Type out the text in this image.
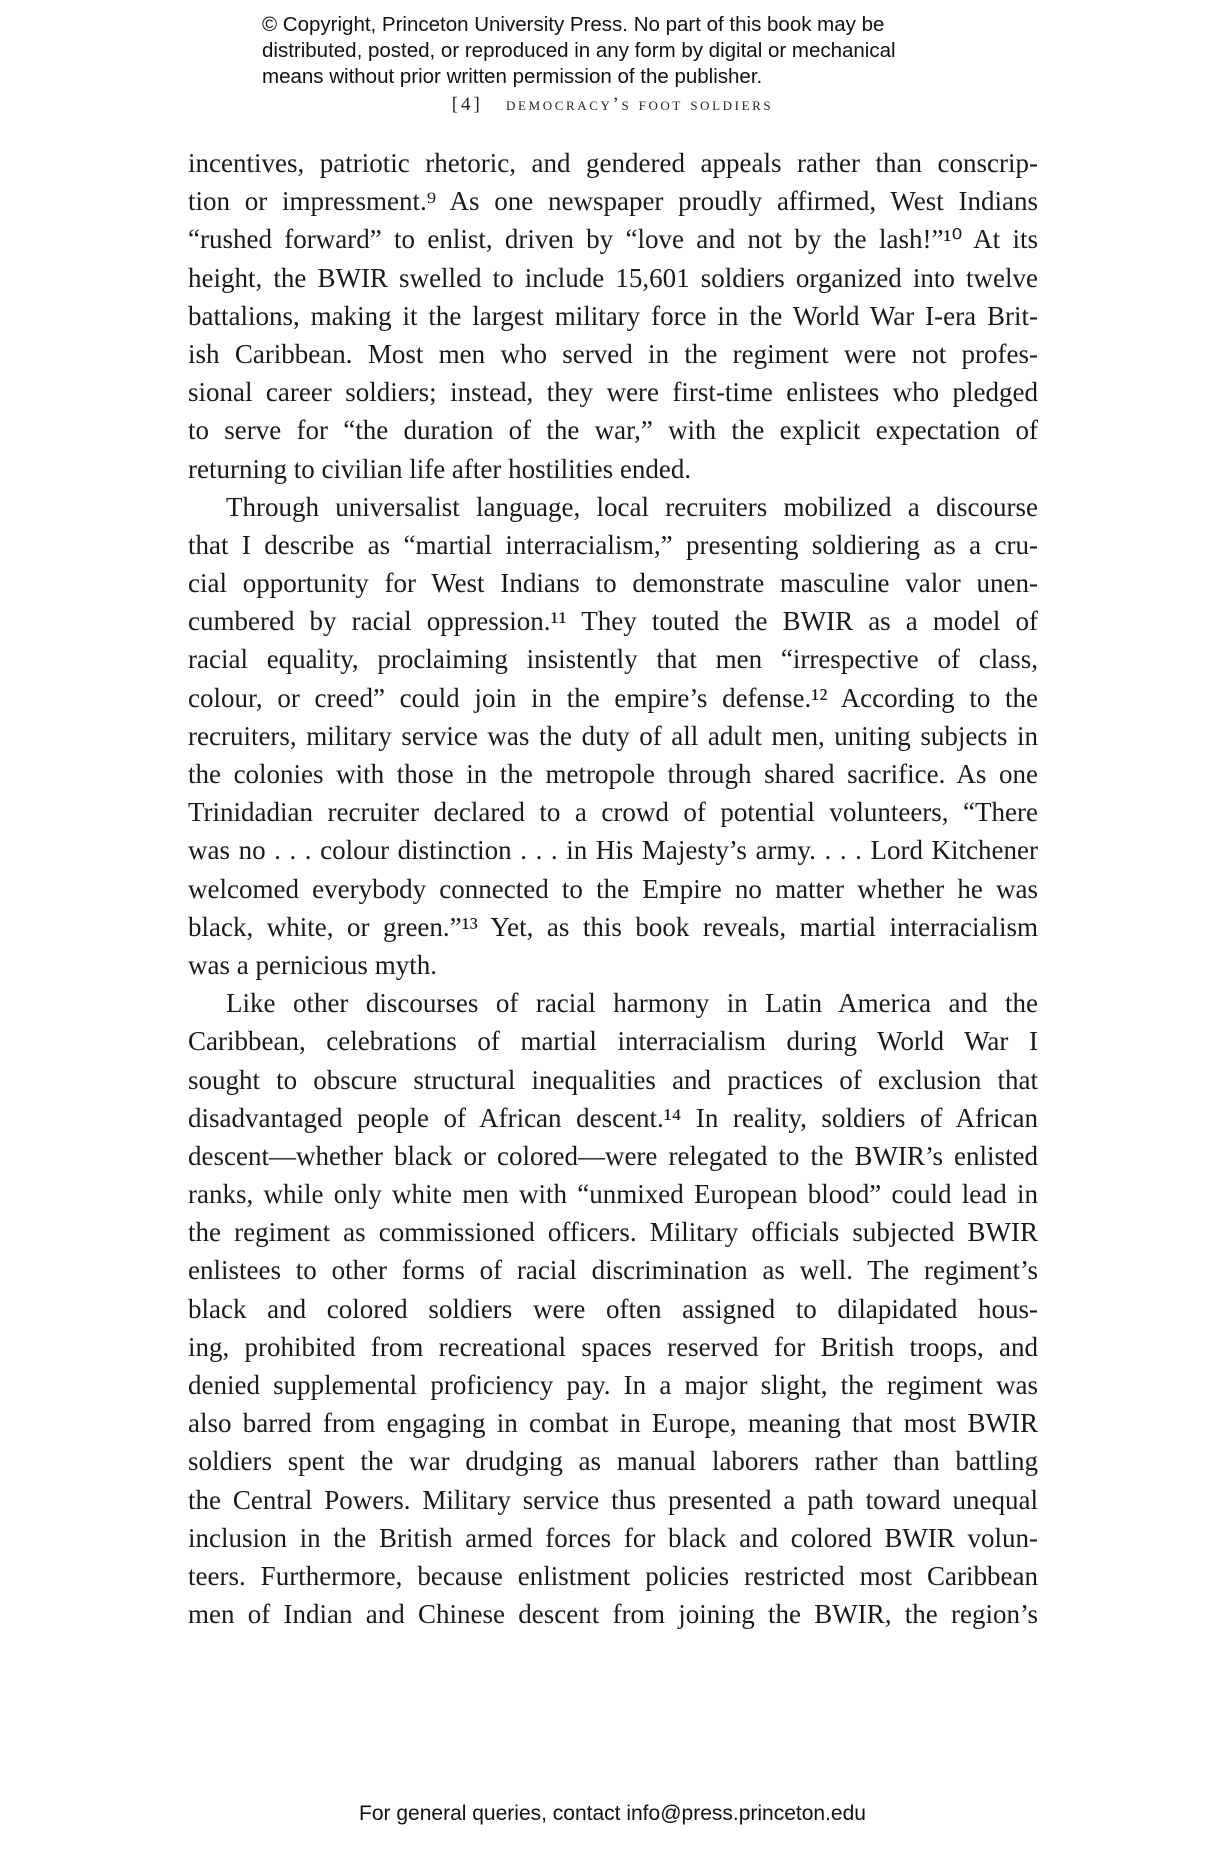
© Copyright, Princeton University Press. No part of this book may be
distributed, posted, or reproduced in any form by digital or mechanical
means without prior written permission of the publisher.
[4] democracy’s foot soldiers
incentives, patriotic rhetoric, and gendered appeals rather than conscrip-
tion or impressment.⁹ As one newspaper proudly affirmed, West Indians
“rushed forward” to enlist, driven by “love and not by the lash!”¹⁰ At its
height, the BWIR swelled to include 15,601 soldiers organized into twelve
battalions, making it the largest military force in the World War I-era Brit-
ish Caribbean. Most men who served in the regiment were not profes-
sional career soldiers; instead, they were first-time enlistees who pledged
to serve for “the duration of the war,” with the explicit expectation of
returning to civilian life after hostilities ended.
Through universalist language, local recruiters mobilized a discourse
that I describe as “martial interracialism,” presenting soldiering as a cru-
cial opportunity for West Indians to demonstrate masculine valor unen-
cumbered by racial oppression.¹¹ They touted the BWIR as a model of
racial equality, proclaiming insistently that men “irrespective of class,
colour, or creed” could join in the empire’s defense.¹² According to the
recruiters, military service was the duty of all adult men, uniting subjects in
the colonies with those in the metropole through shared sacrifice. As one
Trinidadian recruiter declared to a crowd of potential volunteers, “There
was no . . . colour distinction . . . in His Majesty’s army. . . . Lord Kitchener
welcomed everybody connected to the Empire no matter whether he was
black, white, or green.”¹³ Yet, as this book reveals, martial interracialism
was a pernicious myth.
Like other discourses of racial harmony in Latin America and the
Caribbean, celebrations of martial interracialism during World War I
sought to obscure structural inequalities and practices of exclusion that
disadvantaged people of African descent.¹⁴ In reality, soldiers of African
descent—whether black or colored—were relegated to the BWIR’s enlisted
ranks, while only white men with “unmixed European blood” could lead in
the regiment as commissioned officers. Military officials subjected BWIR
enlistees to other forms of racial discrimination as well. The regiment’s
black and colored soldiers were often assigned to dilapidated hous-
ing, prohibited from recreational spaces reserved for British troops, and
denied supplemental proficiency pay. In a major slight, the regiment was
also barred from engaging in combat in Europe, meaning that most BWIR
soldiers spent the war drudging as manual laborers rather than battling
the Central Powers. Military service thus presented a path toward unequal
inclusion in the British armed forces for black and colored BWIR volun-
teers. Furthermore, because enlistment policies restricted most Caribbean
men of Indian and Chinese descent from joining the BWIR, the region’s
For general queries, contact info@press.princeton.edu
